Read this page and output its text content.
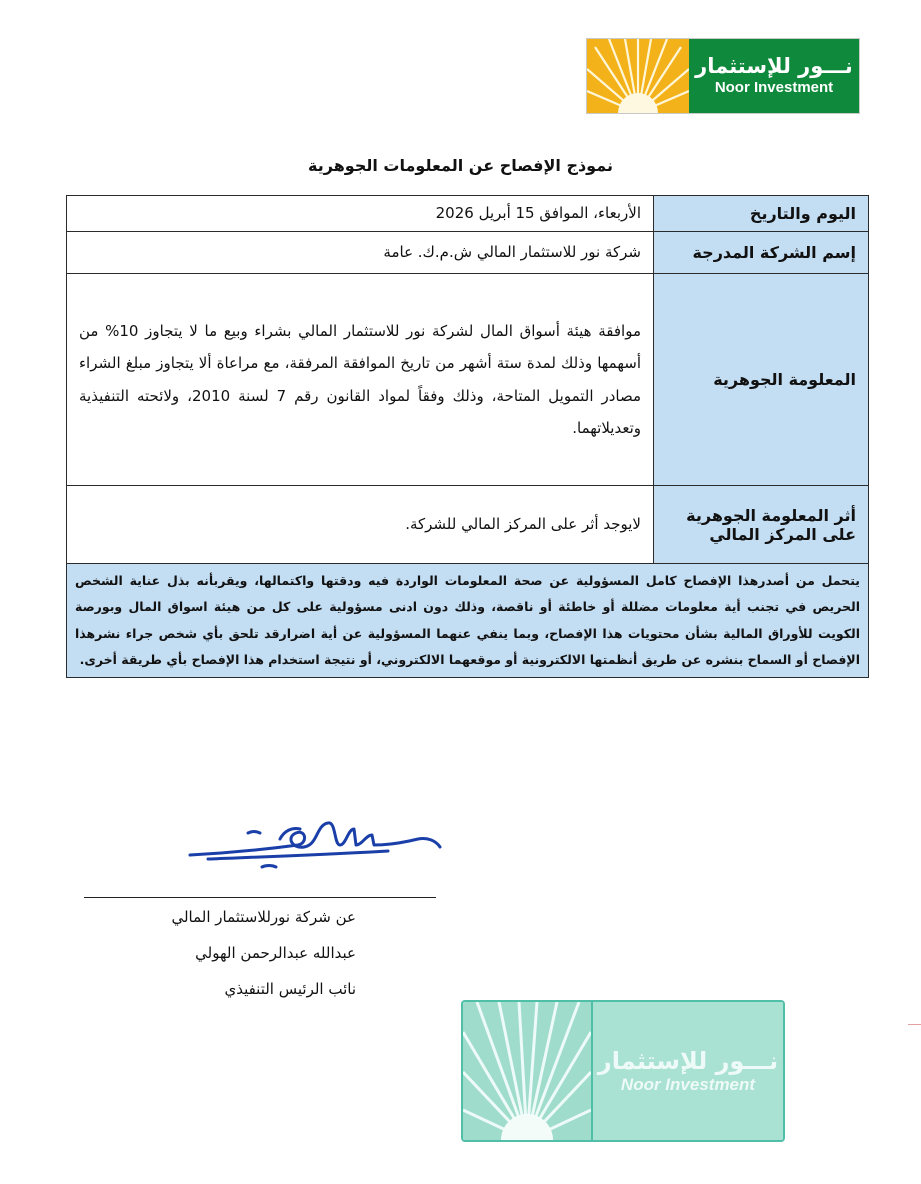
نـــور للإستثمار
Noor Investment
نموذج الإفصاح عن المعلومات الجوهرية
اليوم والتاريخ	الأربعاء، الموافق 15 أبريل 2026
إسم الشركة المدرجة	شركة نور للاستثمار المالي ش.م.ك. عامة
المعلومة الجوهرية	موافقة هيئة أسواق المال لشركة نور للاستثمار المالي بشراء وبيع ما لا يتجاوز 10% من أسهمها وذلك لمدة ستة أشهر من تاريخ الموافقة المرفقة، مع مراعاة ألا يتجاوز مبلغ الشراء مصادر التمويل المتاحة، وذلك وفقاً لمواد القانون رقم 7 لسنة 2010، ولائحته التنفيذية وتعديلاتهما.
أثر المعلومة الجوهرية على المركز المالي	لايوجد أثر على المركز المالي للشركة.
يتحمل من أصدرهذا الإفصاح كامل المسؤولية عن صحة المعلومات الواردة فيه ودقتها واكتمالها، ويقربأنه بذل عناية الشخص الحريص في تجنب أية معلومات مضللة أو خاطئة أو ناقصة، وذلك دون ادنى مسؤولية على كل من هيئة اسواق المال وبورصة الكويت للأوراق المالية بشأن محتويات هذا الإفصاح، وبما ينفي عنهما المسؤولية عن أية اضرارقد تلحق بأي شخص جراء نشرهذا الإفصاح أو السماح بنشره عن طريق أنظمتها الالكترونية أو موقعهما الالكتروني، أو نتيجة استخدام هذا الإفصاح بأي طريقة أخرى.	
عن شركة نورللاستثمار المالي
عبدالله عبدالرحمن الهولي
نائب الرئيس التنفيذي
نـــور للإستثمار
Noor Investment
